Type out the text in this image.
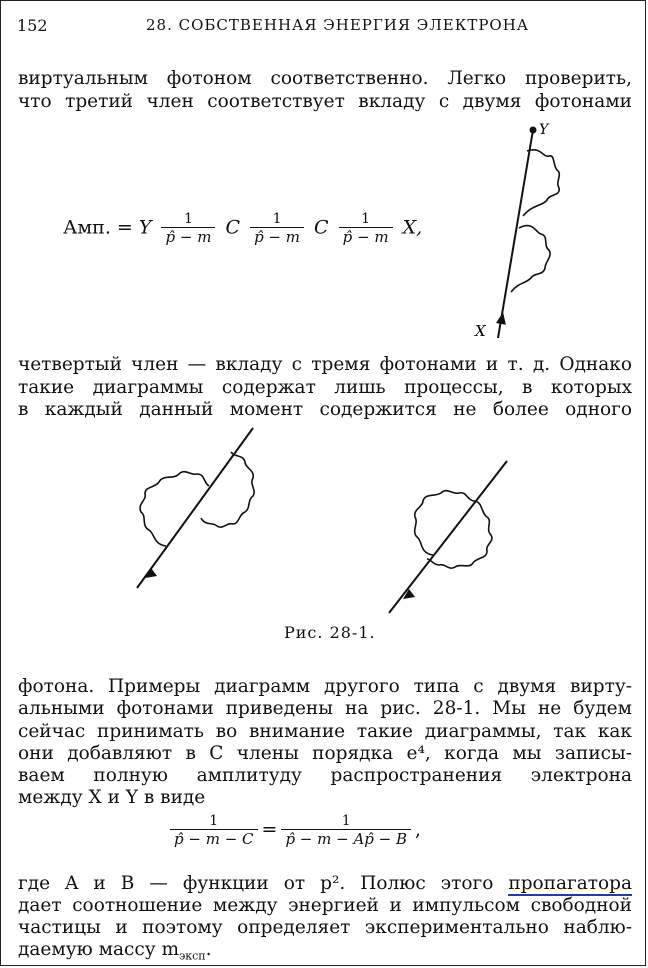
152	28. СОБСТВЕННАЯ ЭНЕРГИЯ ЭЛЕКТРОНА
виртуальным фотоном соответственно. Легко проверить,
что третий член соответствует вкладу с двумя фотонами
Амп. = Y $\frac{1}{p̂ - m}$ C $\frac{1}{p̂ - m}$ C $\frac{1}{p̂ - m} X$,
Y
X
четвертый член — вкладу с тремя фотонами и т. д. Однако
такие диаграммы содержат лишь процессы, в которых
в каждый данный момент содержится не более одного
Рис. 28-1.
фотона. Примеры диаграмм другого типа с двумя вирту-
альными фотонами приведены на рис. 28-1. Мы не будем
сейчас принимать во внимание такие диаграммы, так как
они добавляют в C члены порядка e⁴, когда мы записы-
ваем полную амплитуду распространения электрона
между X и Y в виде
$\frac{1}{p̂ - m - C} = \frac{1}{p̂ - m - Ap̂ - B}$ ,
где A и B — функции от p². Полюс этого пропагатора
дает соотношение между энергией и импульсом свободной
частицы и поэтому определяет экспериментально наблю-
даемую массу $m_{эксп}$.
